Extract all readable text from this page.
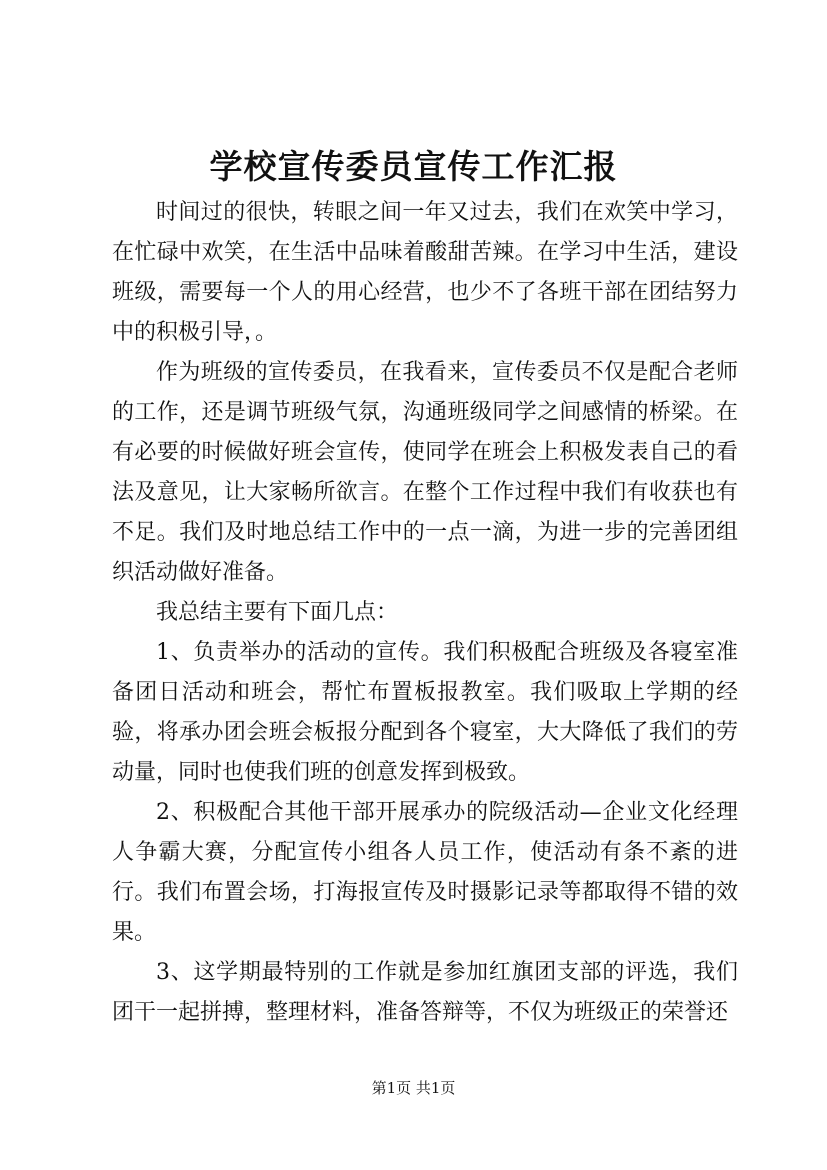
学校宣传委员宣传工作汇报

时间过的很快，转眼之间一年又过去，我们在欢笑中学习，在忙碌中欢笑，在生活中品味着酸甜苦辣。在学习中生活，建设班级，需要每一个人的用心经营，也少不了各班干部在团结努力中的积极引导，。

作为班级的宣传委员，在我看来，宣传委员不仅是配合老师的工作，还是调节班级气氛，沟通班级同学之间感情的桥梁。在有必要的时候做好班会宣传，使同学在班会上积极发表自己的看法及意见，让大家畅所欲言。在整个工作过程中我们有收获也有不足。我们及时地总结工作中的一点一滴，为进一步的完善团组织活动做好准备。

我总结主要有下面几点：

1、负责举办的活动的宣传。我们积极配合班级及各寝室准备团日活动和班会，帮忙布置板报教室。我们吸取上学期的经验，将承办团会班会板报分配到各个寝室，大大降低了我们的劳动量，同时也使我们班的创意发挥到极致。

2、积极配合其他干部开展承办的院级活动—企业文化经理人争霸大赛，分配宣传小组各人员工作，使活动有条不紊的进行。我们布置会场，打海报宣传及时摄影记录等都取得不错的效果。

3、这学期最特别的工作就是参加红旗团支部的评选，我们团干一起拼搏，整理材料，准备答辩等，不仅为班级正的荣誉还

第1页 共1页
